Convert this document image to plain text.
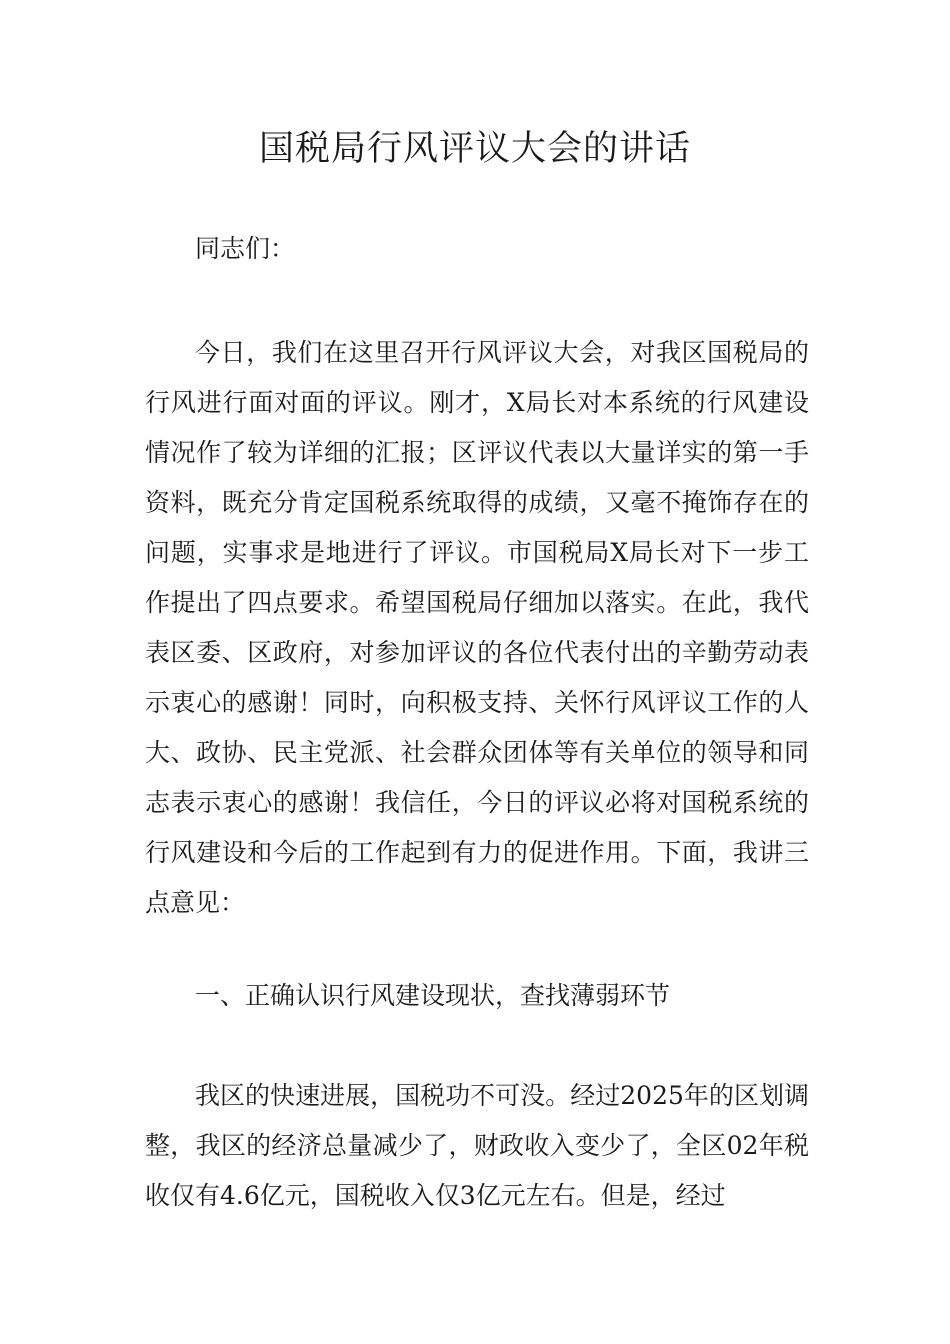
国税局行风评议大会的讲话

同志们：

今日，我们在这里召开行风评议大会，对我区国税局的行风进行面对面的评议。刚才，X局长对本系统的行风建设情况作了较为详细的汇报；区评议代表以大量详实的第一手资料，既充分肯定国税系统取得的成绩，又毫不掩饰存在的问题，实事求是地进行了评议。市国税局X局长对下一步工作提出了四点要求。希望国税局仔细加以落实。在此，我代表区委、区政府，对参加评议的各位代表付出的辛勤劳动表示衷心的感谢！同时，向积极支持、关怀行风评议工作的人大、政协、民主党派、社会群众团体等有关单位的领导和同志表示衷心的感谢！我信任，今日的评议必将对国税系统的行风建设和今后的工作起到有力的促进作用。下面，我讲三点意见：

一、正确认识行风建设现状，查找薄弱环节

我区的快速进展，国税功不可没。经过2025年的区划调整，我区的经济总量减少了，财政收入变少了，全区02年税收仅有4.6亿元，国税收入仅3亿元左右。但是，经过
